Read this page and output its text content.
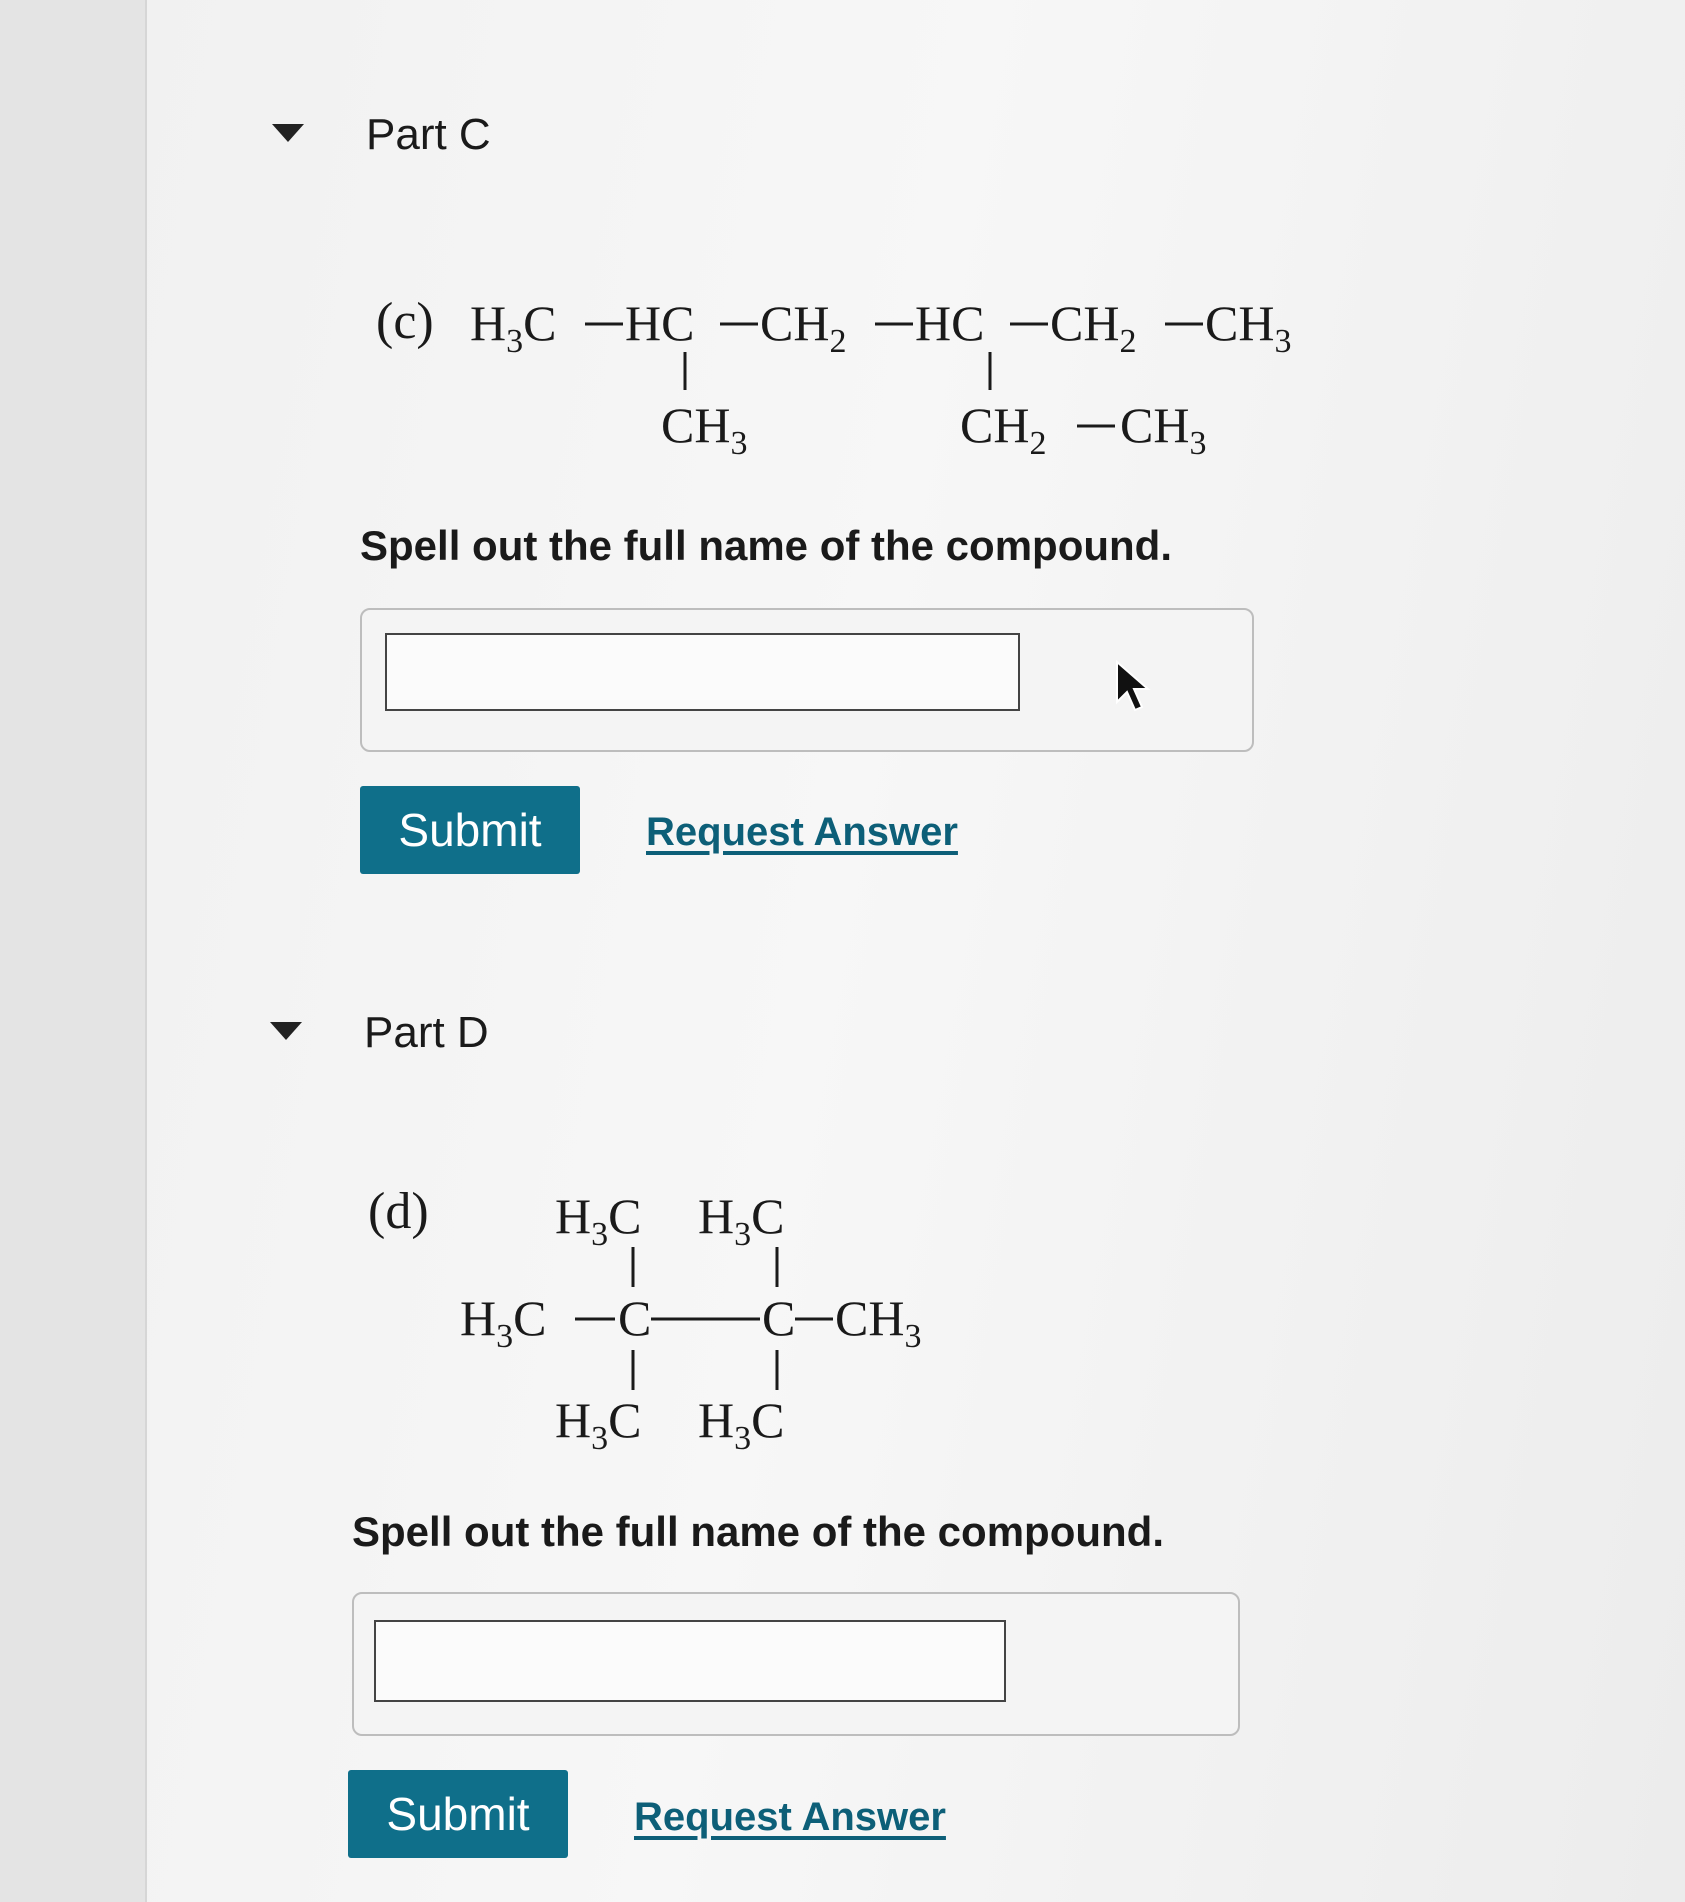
Part C
(c) $H_3C$ HC $CH_2$ HC $CH_2$ $CH_3$
$CH_3$	$CH_2$ $CH_3$
Spell out the full name of the compound.
Submit	Request Answer
Part D
(d)	$H_3C$ $H_3C$
$H_3C$ C C $CH_3$
$H_3C$ $H_3C$
Spell out the full name of the compound.
Submit	Request Answer
